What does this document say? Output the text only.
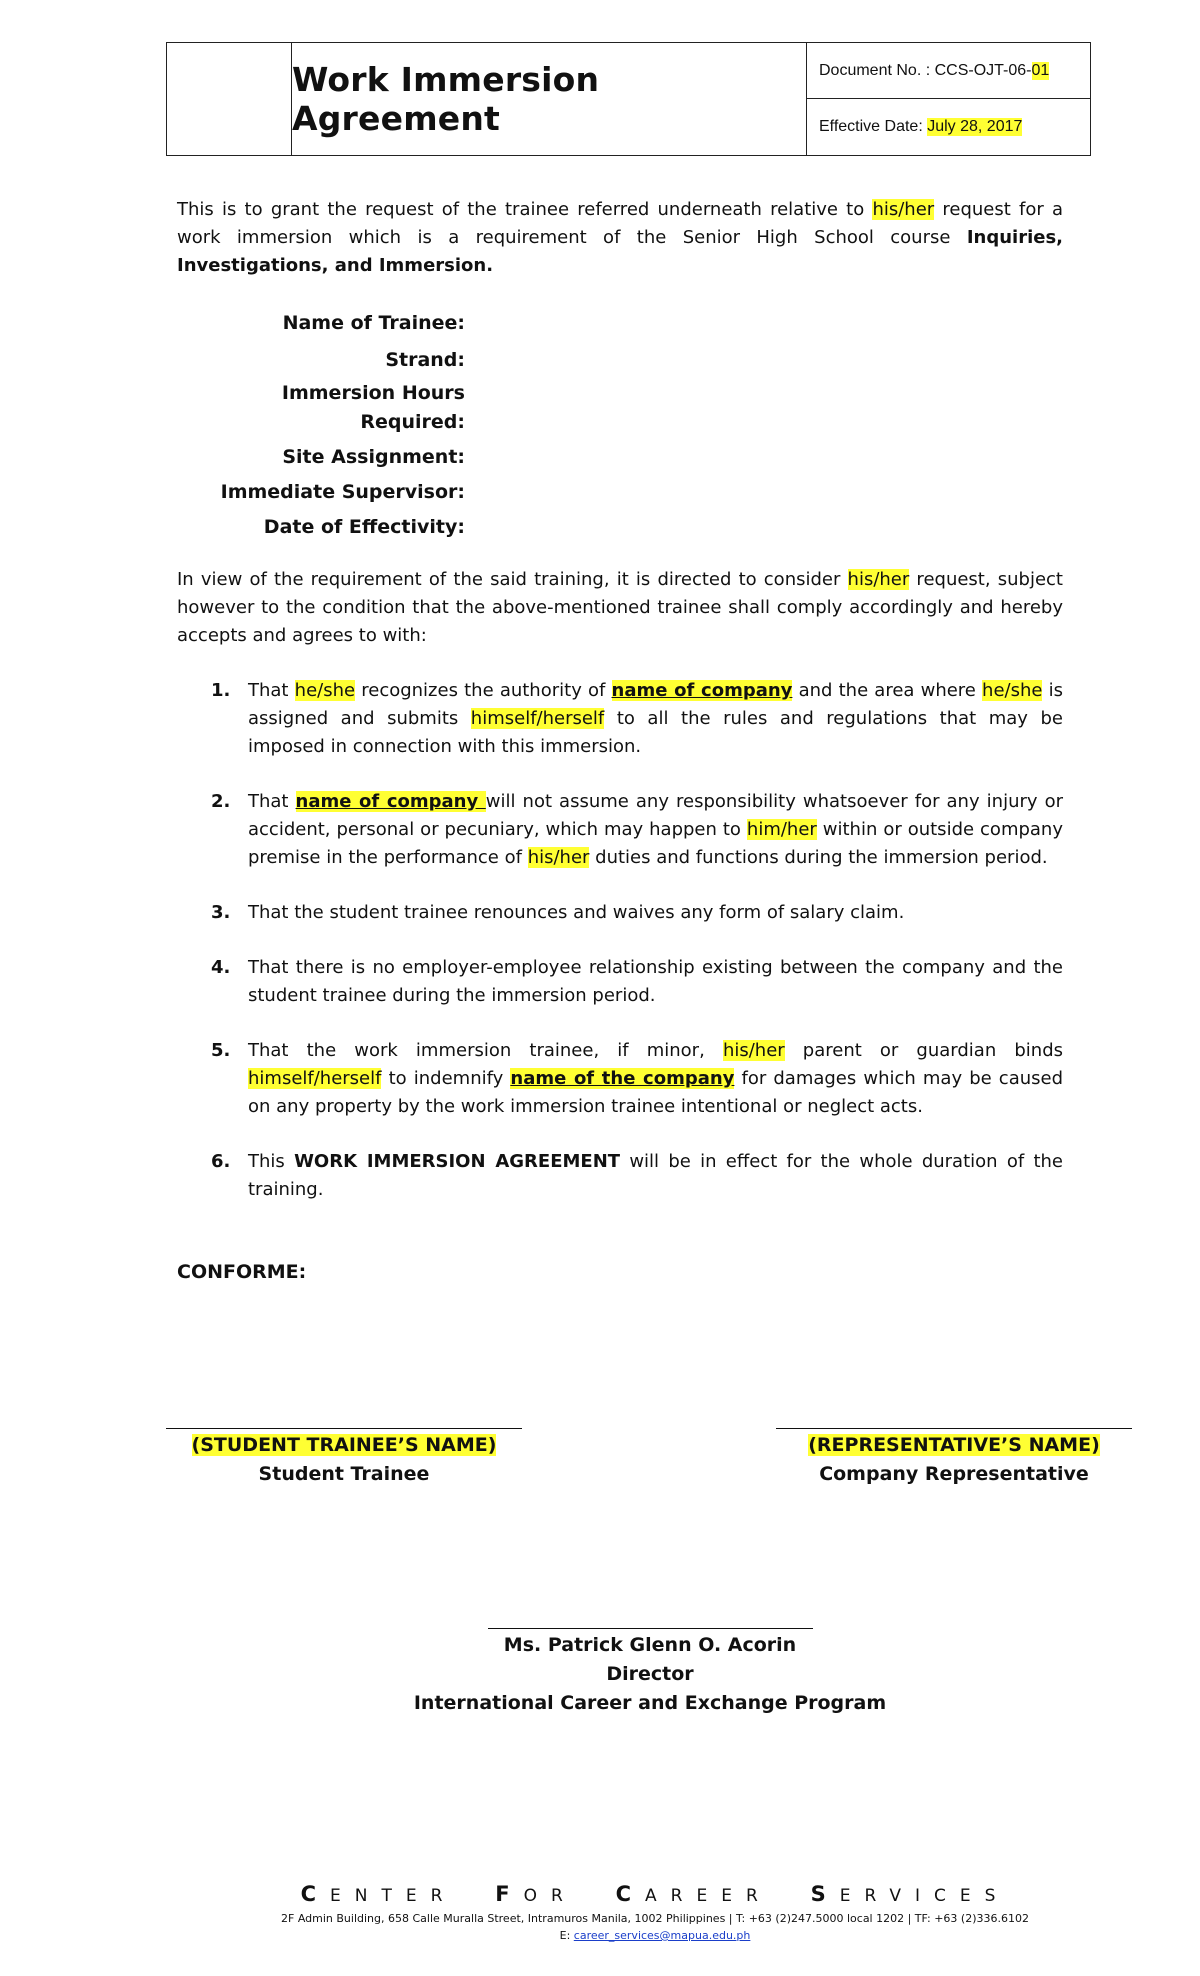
Work Immersion Agreement
Document No. : CCS-OJT-06- 01
Effective Date:
July 28, 2017
This is to grant the request of the trainee referred underneath relative to his/her request for a work immersion which is a requirement of the Senior High School course Inquiries, Investigations, and Immersion.
Name of Trainee:
Strand:
Immersion Hours
Required:
Site Assignment:
Immediate Supervisor:
Date of Effectivity:
In view of the requirement of the said training, it is directed to consider his/her request, subject however to the condition that the above-mentioned trainee shall comply accordingly and hereby accepts and agrees to with:
1. That he/she recognizes the authority of name of company and the area where he/she is assigned and submits himself/herself to all the rules and regulations that may be imposed in connection with this immersion.
2. That name of company will not assume any responsibility whatsoever for any injury or accident, personal or pecuniary, which may happen to him/her within or outside company premise in the performance of his/her duties and functions during the immersion period.
3. That the student trainee renounces and waives any form of salary claim.
4. That there is no employer-employee relationship existing between the company and the student trainee during the immersion period.
5. That the work immersion trainee, if minor, his/her parent or guardian binds himself/herself to indemnify name of the company for damages which may be caused on any property by the work immersion trainee intentional or neglect acts.
6. This WORK IMMERSION AGREEMENT will be in effect for the whole duration of the training.
CONFORME:
(STUDENT TRAINEE’S NAME)
Student Trainee
(REPRESENTATIVE’S NAME)
Company Representative
Ms. Patrick Glenn O. Acorin
Director
International Career and Exchange Program
CENTER FOR CAREER SERVICES
2F Admin Building, 658 Calle Muralla Street, Intramuros Manila, 1002 Philippines | T: +63 (2)247.5000 local 1202 | TF: +63 (2)336.6102
E: career_services@mapua.edu.ph
